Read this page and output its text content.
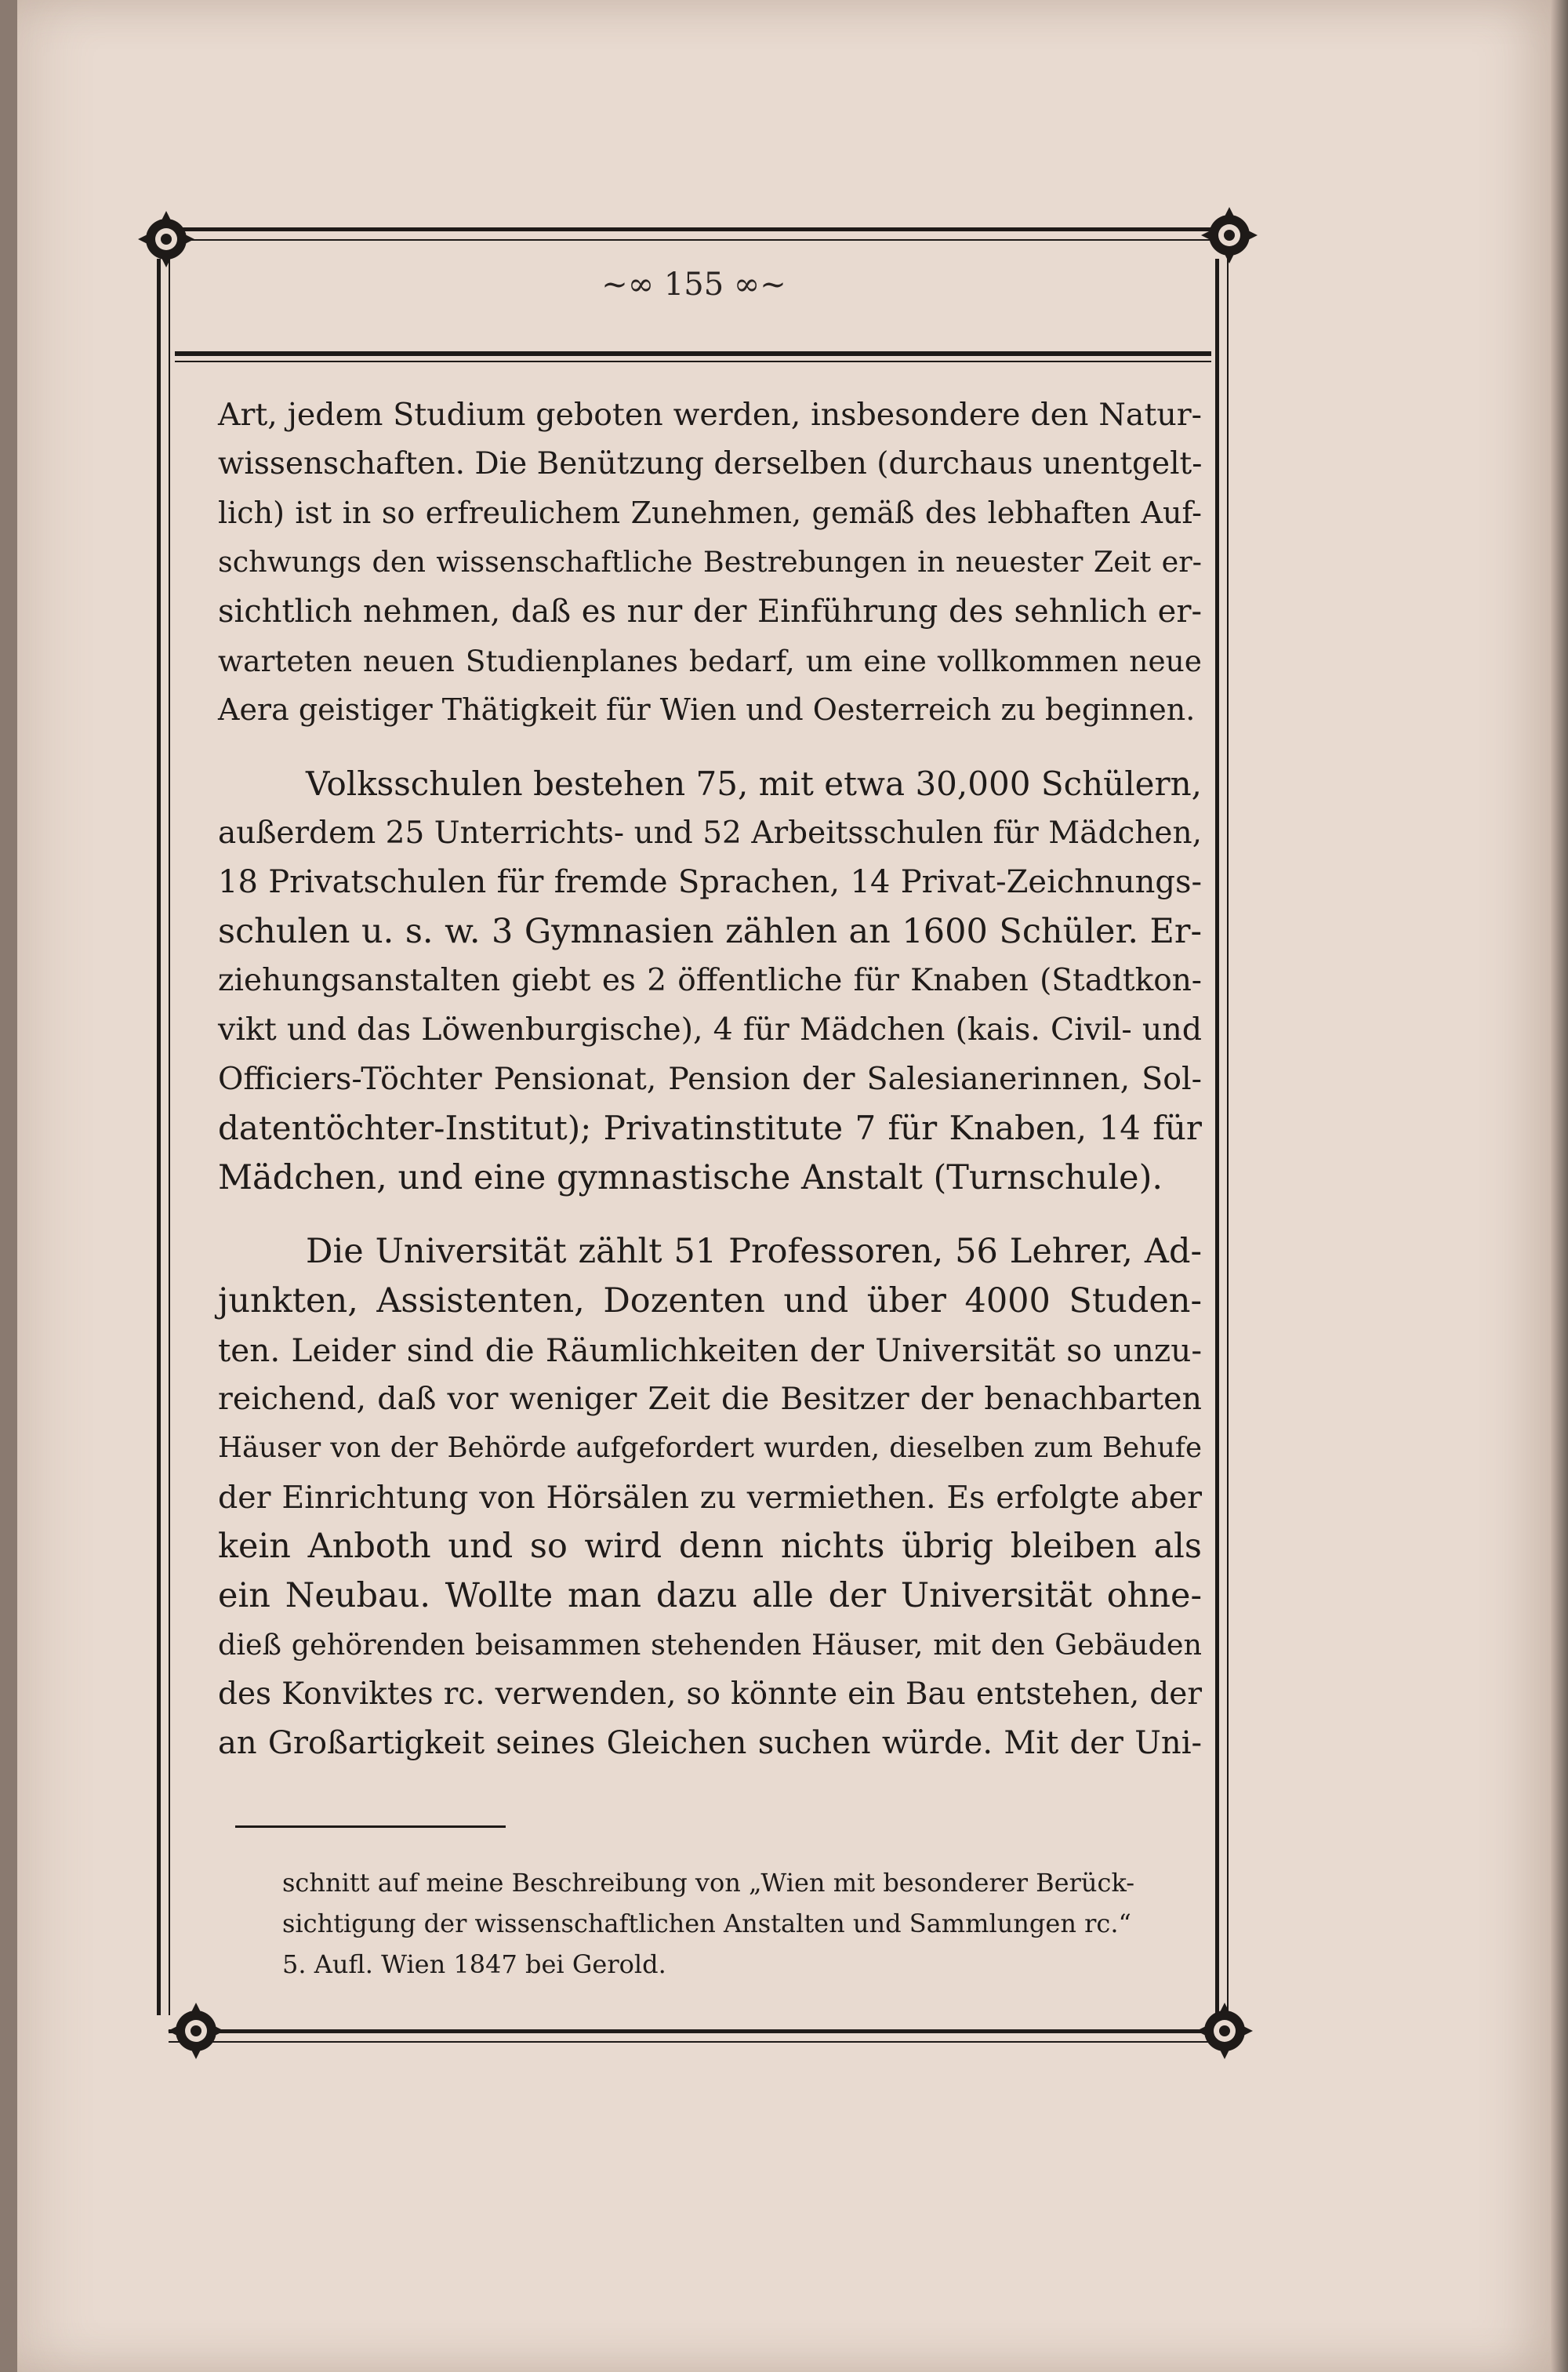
~∞ 155 ∞~

Art, jedem Studium geboten werden, insbesondere den Natur-
wissenschaften. Die Benützung derselben (durchaus unentgelt-
lich) ist in so erfreulichem Zunehmen, gemäß des lebhaften Auf-
schwungs den wissenschaftliche Bestrebungen in neuester Zeit er-
sichtlich nehmen, daß es nur der Einführung des sehnlich er-
warteten neuen Studienplanes bedarf, um eine vollkommen neue
Aera geistiger Thätigkeit für Wien und Oesterreich zu beginnen.

Volksschulen bestehen 75, mit etwa 30,000 Schülern,
außerdem 25 Unterrichts- und 52 Arbeitsschulen für Mädchen,
18 Privatschulen für fremde Sprachen, 14 Privat-Zeichnungs-
schulen u. s. w. 3 Gymnasien zählen an 1600 Schüler. Er-
ziehungsanstalten giebt es 2 öffentliche für Knaben (Stadtkon-
vikt und das Löwenburgische), 4 für Mädchen (kais. Civil- und
Officiers-Töchter Pensionat, Pension der Salesianerinnen, Sol-
datentöchter-Institut); Privatinstitute 7 für Knaben, 14 für
Mädchen, und eine gymnastische Anstalt (Turnschule).

Die Universität zählt 51 Professoren, 56 Lehrer, Ad-
junkten, Assistenten, Dozenten und über 4000 Studen-
ten. Leider sind die Räumlichkeiten der Universität so unzu-
reichend, daß vor weniger Zeit die Besitzer der benachbarten
Häuser von der Behörde aufgefordert wurden, dieselben zum Behufe
der Einrichtung von Hörsälen zu vermiethen. Es erfolgte aber
kein Anboth und so wird denn nichts übrig bleiben als
ein Neubau. Wollte man dazu alle der Universität ohne-
dieß gehörenden beisammen stehenden Häuser, mit den Gebäuden
des Konviktes rc. verwenden, so könnte ein Bau entstehen, der
an Großartigkeit seines Gleichen suchen würde. Mit der Uni-

schnitt auf meine Beschreibung von „Wien mit besonderer Berück-
sichtigung der wissenschaftlichen Anstalten und Sammlungen rc.“
5. Aufl. Wien 1847 bei Gerold.
